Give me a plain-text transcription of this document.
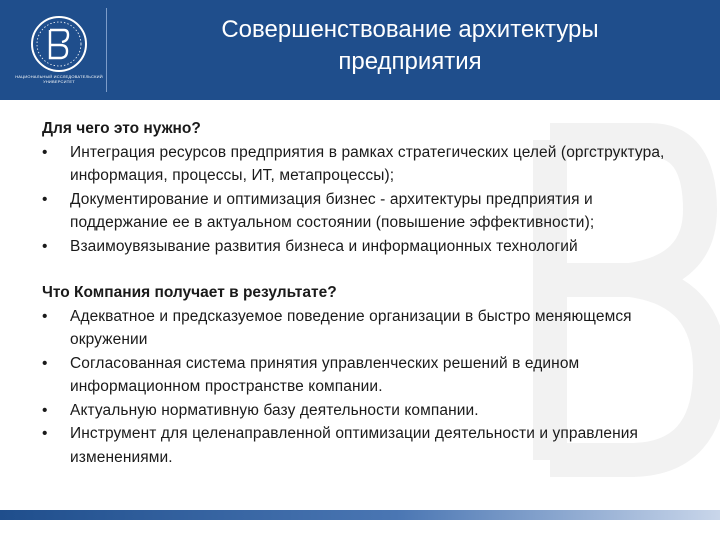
НАЦИОНАЛЬНЫЙ ИССЛЕДОВАТЕЛЬСКИЙ УНИВЕРСИТЕТ
Совершенствование архитектуры
предприятия
Для чего это нужно?
• Интеграция ресурсов предприятия в рамках стратегических целей (оргструктура, информация, процессы, ИТ, метапроцессы);
• Документирование и оптимизация бизнес - архитектуры предприятия и поддержание ее в актуальном состоянии (повышение эффективности);
• Взаимоувязывание развития бизнеса и информационных технологий
Что Компания получает в результате?
• Адекватное и предсказуемое поведение организации в быстро меняющемся окружении
• Согласованная система принятия управленческих решений в едином информационном пространстве компании.
• Актуальную нормативную базу деятельности компании.
• Инструмент для целенаправленной оптимизации деятельности и управления изменениями.
